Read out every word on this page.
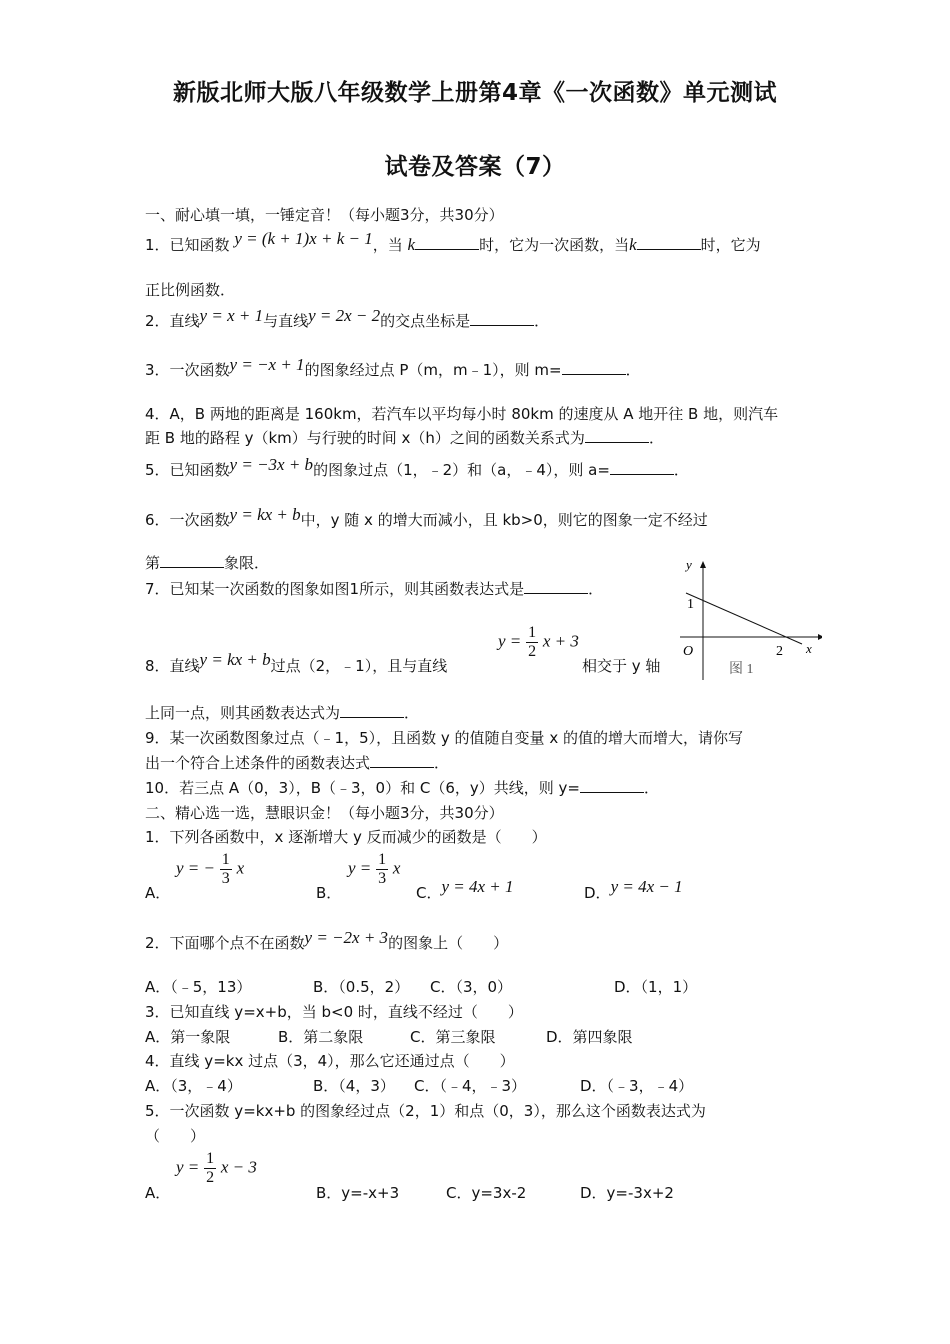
新版北师大版八年级数学上册第4章《一次函数》单元测试
试卷及答案（7）
一、耐心填一填，一锤定音！（每小题3分，共30分）
1．已知函数 y = (k + 1)x + k − 1，当 k	时，它为一次函数，当k	时，它为
正比例函数．
2．直线y = x + 1与直线y = 2x − 2的交点坐标是	．
3．一次函数y = −x + 1的图象经过点 P（m，m﹣1），则 m=	．
4．A，B 两地的距离是 160km，若汽车以平均每小时 80km 的速度从 A 地开往 B 地，则汽车
距 B 地的路程 y（km）与行驶的时间 x（h）之间的函数关系式为	．
5．已知函数y = −3x + b的图象过点（1，﹣2）和（a，﹣4），则 a=	．
6．一次函数y = kx + b中，y 随 x 的增大而减小，且 kb>0，则它的图象一定不经过
第	象限．
7．已知某一次函数的图象如图1所示，则其函数表达式是	．
8．直线y = kx + b过点（2，﹣1），且与直线
$y = \frac{1}{2}$ x + 3
相交于 y 轴
上同一点，则其函数表达式为	．
y
x
O
1
2
图 1
9．某一次函数图象过点（﹣1，5），且函数 y 的值随自变量 x 的值的增大而增大，请你写
出一个符合上述条件的函数表达式	．
10．若三点 A（0，3），B（﹣3，0）和 C（6，y）共线，则 y=	．
二、精心选一选，慧眼识金！（每小题3分，共30分）
1．下列各函数中，x 逐渐增大 y 反而减少的函数是（　　）
A．
y = − $\frac{1}{3}$ x
B．
$y = \frac{1}{3}$ x
C．y = 4x + 1	D．y = 4x − 1
2．下面哪个点不在函数y = −2x + 3的图象上（　　）
A．（﹣5，13）	B．（0.5，2） C．（3，0）	D．（1，1）
3．已知直线 y=x+b，当 b<0 时，直线不经过（　　）
A．第一象限	B．第二象限	C．第三象限	D．第四象限
4．直线 y=kx 过点（3，4），那么它还通过点（　　）
A．（3，﹣4）	B．（4，3） C．（﹣4，﹣3）	D．（﹣3，﹣4）
5．一次函数 y=kx+b 的图象经过点（2，1）和点（0，3），那么这个函数表达式为
（　　）
A．
$y = \frac{1}{2}$ x − 3
B．y=-x+3	C．y=3x-2	D．y=-3x+2
